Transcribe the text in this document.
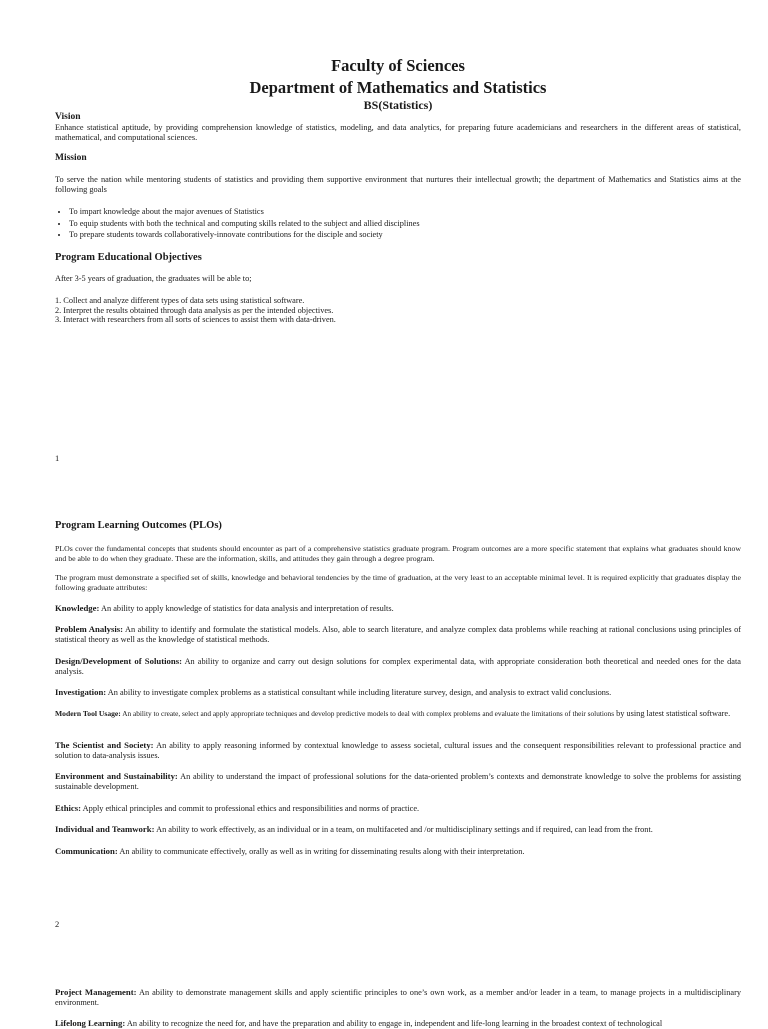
Faculty of Sciences
Department of Mathematics and Statistics
BS(Statistics)
Vision

Enhance statistical aptitude, by providing comprehension knowledge of statistics, modeling, and data analytics, for preparing future academicians and researchers in the different areas of statistical, mathematical, and computational sciences.

Mission

To serve the nation while mentoring students of statistics and providing them supportive environment that nurtures their intellectual growth; the department of Mathematics and Statistics aims at the following goals

• To impart knowledge about the major avenues of Statistics
• To equip students with both the technical and computing skills related to the subject and allied disciplines
• To prepare students towards collaboratively-innovate contributions for the disciple and society
Program Educational Objectives

After 3-5 years of graduation, the graduates will be able to;

1. Collect and analyze different types of data sets using statistical software.
2. Interpret the results obtained through data analysis as per the intended objectives.
3. Interact with researchers from all sorts of sciences to assist them with data-driven.
1
Program Learning Outcomes (PLOs)

PLOs cover the fundamental concepts that students should encounter as part of a comprehensive statistics graduate program. Program outcomes are a more specific statement that explains what graduates should know and be able to do when they graduate. These are the information, skills, and attitudes they gain through a degree program.

The program must demonstrate a specified set of skills, knowledge and behavioral tendencies by the time of graduation, at the very least to an acceptable minimal level. It is required explicitly that graduates display the following graduate attributes:

Knowledge: An ability to apply knowledge of statistics for data analysis and interpretation of results.

Problem Analysis: An ability to identify and formulate the statistical models. Also, able to search literature, and analyze complex data problems while reaching at rational conclusions using principles of statistical theory as well as the knowledge of statistical methods.

Design/Development of Solutions: An ability to organize and carry out design solutions for complex experimental data, with appropriate consideration both theoretical and needed ones for the data analysis.

Investigation: An ability to investigate complex problems as a statistical consultant while including literature survey, design, and analysis to extract valid conclusions.

Modern Tool Usage: An ability to create, select and apply appropriate techniques and develop predictive models to deal with complex problems and evaluate the limitations of their solutions by using latest statistical software.

The Scientist and Society: An ability to apply reasoning informed by contextual knowledge to assess societal, cultural issues and the consequent responsibilities relevant to professional practice and solution to data-analysis issues.

Environment and Sustainability: An ability to understand the impact of professional solutions for the data-oriented problem’s contexts and demonstrate knowledge to solve the problems for assisting sustainable development.

Ethics: Apply ethical principles and commit to professional ethics and responsibilities and norms of practice.

Individual and Teamwork: An ability to work effectively, as an individual or in a team, on multifaceted and /or multidisciplinary settings and if required, can lead from the front.

Communication: An ability to communicate effectively, orally as well as in writing for disseminating results along with their interpretation.

2

Project Management: An ability to demonstrate management skills and apply scientific principles to one’s own work, as a member and/or leader in a team, to manage projects in a multidisciplinary environment.

Lifelong Learning: An ability to recognize the need for, and have the preparation and ability to engage in, independent and life-long learning in the broadest context of technological
